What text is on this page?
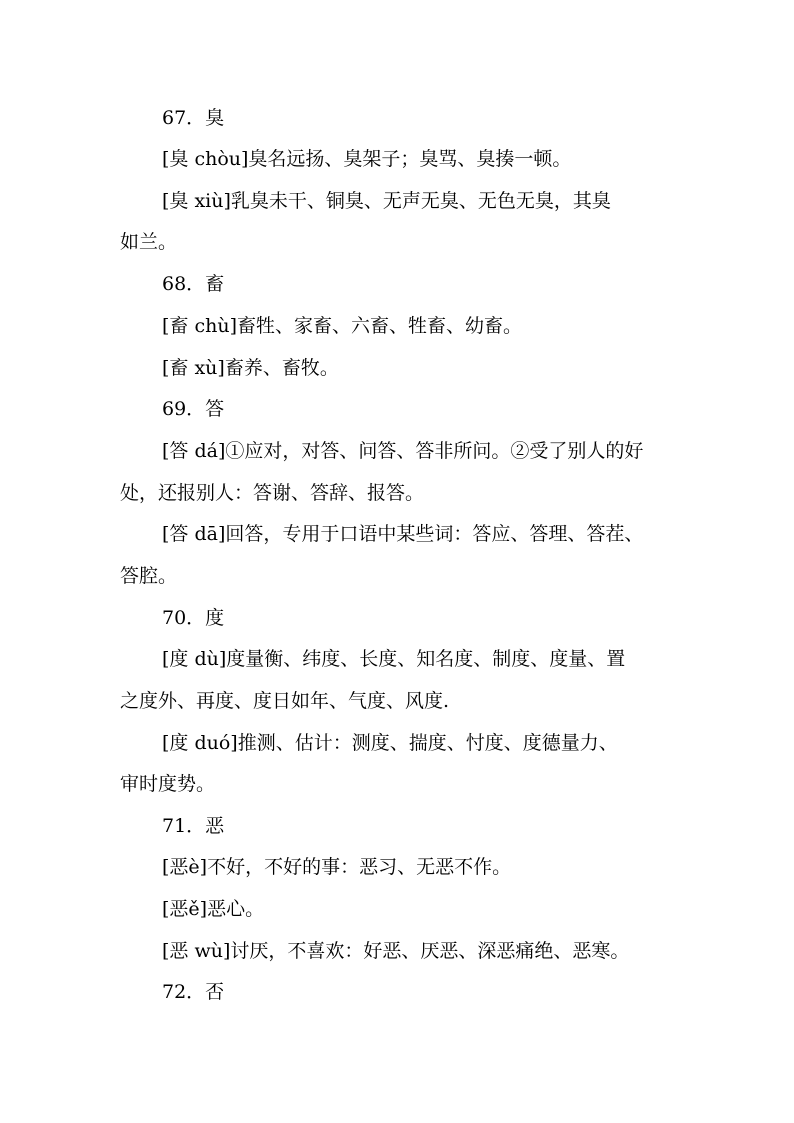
67．臭
[臭 chòu]臭名远扬、臭架子；臭骂、臭揍一顿。
[臭 xiù]乳臭未干、铜臭、无声无臭、无色无臭，其臭
如兰。
68．畜
[畜 chù]畜牲、家畜、六畜、牲畜、幼畜。
[畜 xù]畜养、畜牧。
69．答
[答 dá]①应对，对答、问答、答非所问。②受了别人的好
处，还报别人：答谢、答辞、报答。
[答 dā]回答，专用于口语中某些词：答应、答理、答茬、
答腔。
70．度
[度 dù]度量衡、纬度、长度、知名度、制度、度量、置
之度外、再度、度日如年、气度、风度.
[度 duó]推测、估计：测度、揣度、忖度、度德量力、
审时度势。
71．恶
[恶è]不好，不好的事：恶习、无恶不作。
[恶ě]恶心。
[恶 wù]讨厌，不喜欢：好恶、厌恶、深恶痛绝、恶寒。
72．否
